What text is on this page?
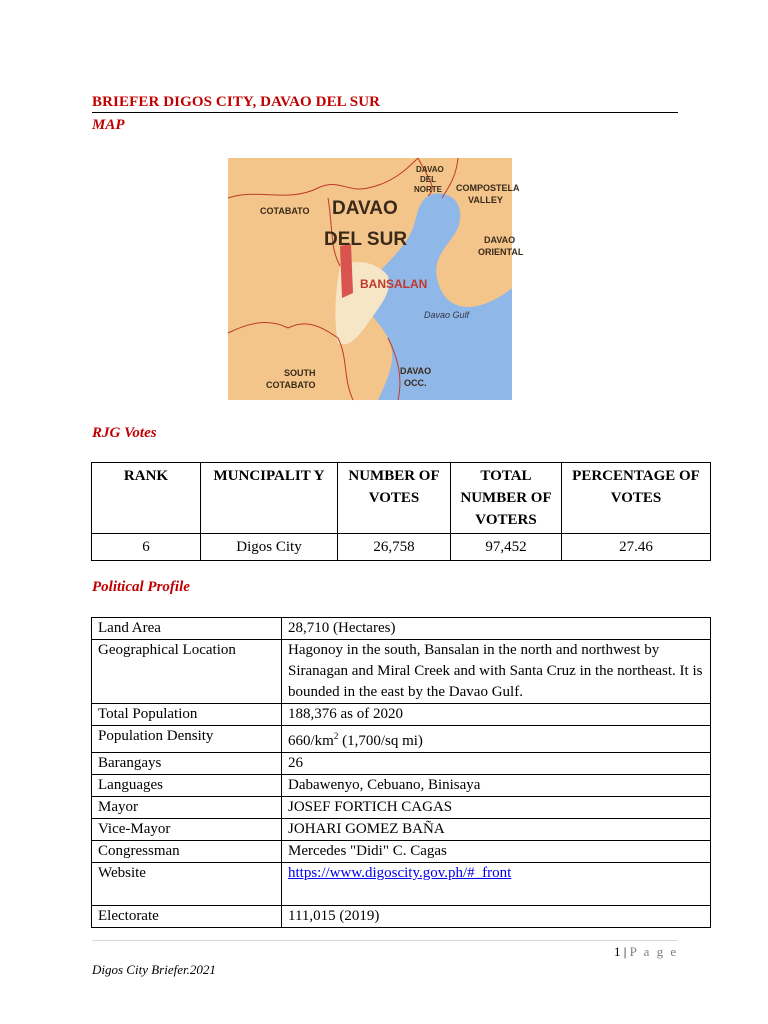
BRIEFER DIGOS CITY, DAVAO DEL SUR
MAP
DAVAO
DEL
NORTE COMPOSTELA
VALLEY
COTABATO DAVAO
DEL SUR	DAVAO
ORIENTAL
BANSALAN
Davao Gulf
SOUTH
COTABATO
DAVAO
OCC.
RJG Votes
RANK	MUNCIPALIT Y	NUMBER OF VOTES	TOTAL NUMBER OF VOTERS	PERCENTAGE OF VOTES
6	Digos City	26,758	97,452	27.46
Political Profile
Land Area	28,710 (Hectares)
Geographical Location	Hagonoy in the south, Bansalan in the north and northwest by Siranagan and Miral Creek and with Santa Cruz in the northeast. It is bounded in the east by the Davao Gulf.
Total Population	188,376 as of 2020
Population Density	$660/km^2$ (1,700/sq mi)
Barangays	26
Languages	Dabawenyo, Cebuano, Binisaya
Mayor	JOSEF FORTICH CAGAS
Vice-Mayor	JOHARI GOMEZ BAÑA
Congressman	Mercedes "Didi" C. Cagas
Website	https://www.digoscity.gov.ph/#_front
Electorate	111,015 (2019)
1 | P a g e
Digos City Briefer.2021
